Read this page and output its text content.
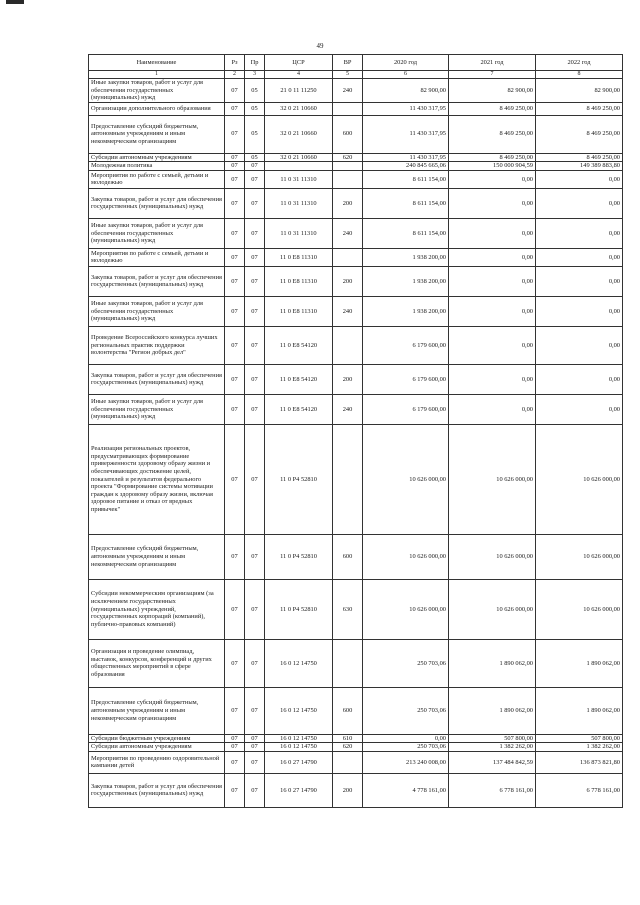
49
Наименование	Рз	Пр	ЦСР	ВР	2020 год	2021 год	2022 год
1	2	3	4	5	6	7	8
Иные закупки товаров, работ и услуг для обеспечения государственных (муниципальных) нужд	07	05	21 0 11 11250	240	82 900,00	82 900,00	82 900,00
Организации дополнительного образования	07	05	32 0 21 10660		11 430 317,95	8 469 250,00	8 469 250,00
Предоставление субсидий бюджетным, автономным учреждениям и иным некоммерческим организациям	07	05	32 0 21 10660	600	11 430 317,95	8 469 250,00	8 469 250,00
Субсидии автономным учреждениям	07	05	32 0 21 10660	620	11 430 317,95	8 469 250,00	8 469 250,00
Молодежная политика	07	07			240 845 665,06	150 000 904,59	149 389 883,80
Мероприятия по работе с семьей, детьми и молодежью	07	07	11 0 31 11310		8 611 154,00	0,00	0,00
Закупка товаров, работ и услуг для обеспечения государственных (муниципальных) нужд	07	07	11 0 31 11310	200	8 611 154,00	0,00	0,00
Иные закупки товаров, работ и услуг для обеспечения государственных (муниципальных) нужд	07	07	11 0 31 11310	240	8 611 154,00	0,00	0,00
Мероприятия по работе с семьей, детьми и молодежью	07	07	11 0 E8 11310		1 938 200,00	0,00	0,00
Закупка товаров, работ и услуг для обеспечения государственных (муниципальных) нужд	07	07	11 0 E8 11310	200	1 938 200,00	0,00	0,00
Иные закупки товаров, работ и услуг для обеспечения государственных (муниципальных) нужд	07	07	11 0 E8 11310	240	1 938 200,00	0,00	0,00
Проведение Всероссийского конкурса лучших региональных практик поддержки волонтерства "Регион добрых дел"	07	07	11 0 E8 54120		6 179 600,00	0,00	0,00
Закупка товаров, работ и услуг для обеспечения государственных (муниципальных) нужд	07	07	11 0 E8 54120	200	6 179 600,00	0,00	0,00
Иные закупки товаров, работ и услуг для обеспечения государственных (муниципальных) нужд	07	07	11 0 E8 54120	240	6 179 600,00	0,00	0,00
Реализация региональных проектов, предусматривающих формирование приверженности здоровому образу жизни и обеспечивающих достижение целей, показателей и результатов федерального проекта "Формирование системы мотивации граждан к здоровому образу жизни, включая здоровое питание и отказ от вредных привычек"	07	07	11 0 P4 52810		10 626 000,00	10 626 000,00	10 626 000,00
Предоставление субсидий бюджетным, автономным учреждениям и иным некоммерческим организациям	07	07	11 0 P4 52810	600	10 626 000,00	10 626 000,00	10 626 000,00
Субсидии некоммерческим организациям (за исключением государственных (муниципальных) учреждений, государственных корпораций (компаний), публично-правовых компаний)	07	07	11 0 P4 52810	630	10 626 000,00	10 626 000,00	10 626 000,00
Организация и проведение олимпиад, выставок, конкурсов, конференций и других общественных мероприятий в сфере образования	07	07	16 0 12 14750		250 703,06	1 890 062,00	1 890 062,00
Предоставление субсидий бюджетным, автономным учреждениям и иным некоммерческим организациям	07	07	16 0 12 14750	600	250 703,06	1 890 062,00	1 890 062,00
Субсидии бюджетным учреждениям	07	07	16 0 12 14750	610	0,00	507 800,00	507 800,00
Субсидии автономным учреждениям	07	07	16 0 12 14750	620	250 703,06	1 382 262,00	1 382 262,00
Мероприятия по проведению оздоровительной кампании детей	07	07	16 0 27 14790		213 240 008,00	137 484 842,59	136 873 821,80
Закупка товаров, работ и услуг для обеспечения государственных (муниципальных) нужд	07	07	16 0 27 14790	200	4 778 161,00	6 778 161,00	6 778 161,00
